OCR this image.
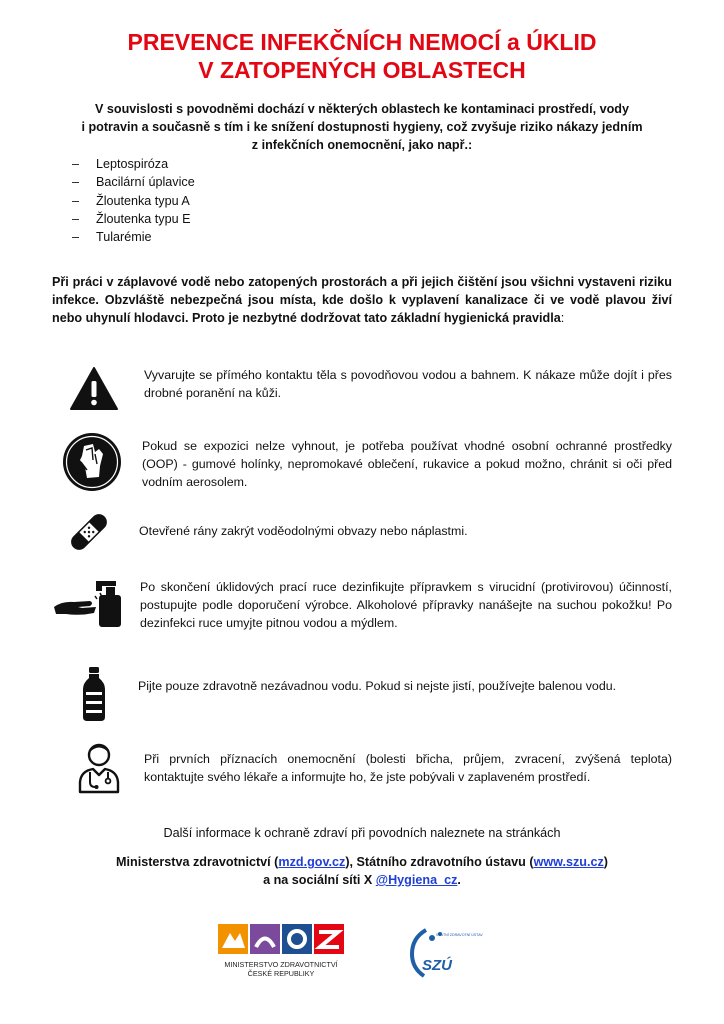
PREVENCE INFEKČNÍCH NEMOCÍ a ÚKLID
V ZATOPENÝCH OBLASTECH
V souvislosti s povodněmi dochází v některých oblastech ke kontaminaci prostředí, vody
i potravin a současně s tím i ke snížení dostupnosti hygieny, což zvyšuje riziko nákazy jedním
z infekčních onemocnění, jako např.:
– Leptospiróza
– Bacilární úplavice
– Žloutenka typu A
– Žloutenka typu E
– Tularémie
Při práci v záplavové vodě nebo zatopených prostorách a při jejich čištění jsou všichni vystaveni riziku infekce. Obzvláště nebezpečná jsou místa, kde došlo k vyplavení kanalizace či ve vodě plavou živí nebo uhynulí hlodavci. Proto je nezbytné dodržovat tato základní hygienická pravidla:
Vyvarujte se přímého kontaktu těla s povodňovou vodou a bahnem. K nákaze může dojít i přes drobné poranění na kůži.
Pokud se expozici nelze vyhnout, je potřeba používat vhodné osobní ochranné prostředky (OOP) - gumové holínky, nepromokavé oblečení, rukavice a pokud možno, chránit si oči před vodním aerosolem.
Otevřené rány zakrýt voděodolnými obvazy nebo náplastmi.
Po skončení úklidových prací ruce dezinfikujte přípravkem s virucidní (protivirovou) účinností, postupujte podle doporučení výrobce. Alkoholové přípravky nanášejte na suchou pokožku! Po dezinfekci ruce umyjte pitnou vodou a mýdlem.
Pijte pouze zdravotně nezávadnou vodu. Pokud si nejste jistí, používejte balenou vodu.
Při prvních příznacích onemocnění (bolesti břicha, průjem, zvracení, zvýšená teplota) kontaktujte svého lékaře a informujte ho, že jste pobývali v zaplaveném prostředí.
Další informace k ochraně zdraví při povodních naleznete na stránkách
Ministerstva zdravotnictví (mzd.gov.cz), Státního zdravotního ústavu (www.szu.cz)
a na sociální síti X @Hygiena_cz.
MINISTERSTVO ZDRAVOTNICTVÍ
ČESKÉ REPUBLIKY
STÁTNÍ ZDRAVOTNÍ ÚSTAV
SZÚ
